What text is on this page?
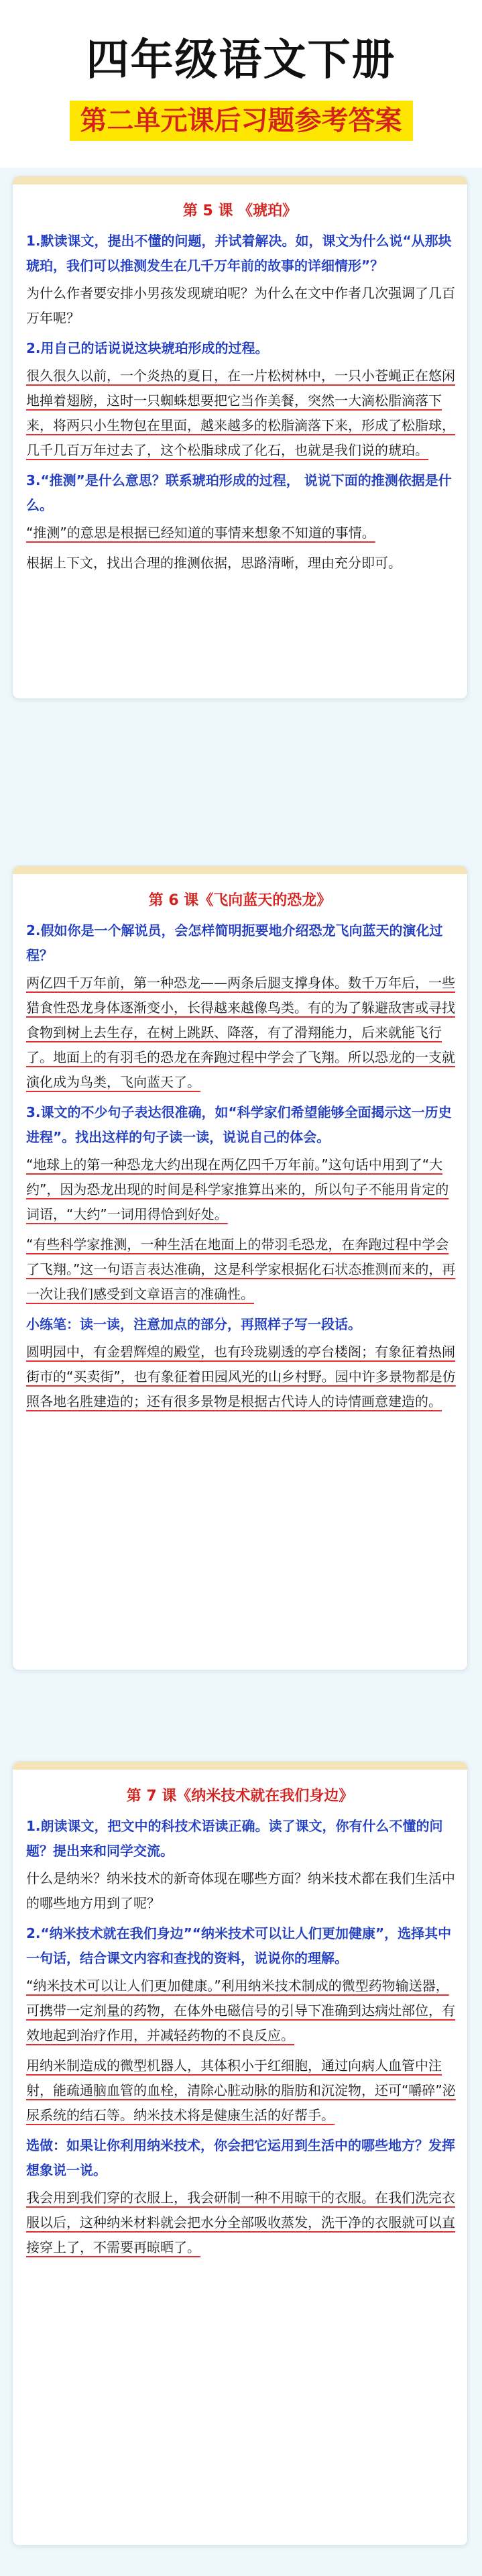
四年级语文下册
第二单元课后习题参考答案
第 5 课 《琥珀》

1.默读课文，提出不懂的问题，并试着解决。如，课文为什么说“从那块琥珀，我们可以推测发生在几千万年前的故事的详细情形”？

为什么作者要安排小男孩发现琥珀呢？为什么在文中作者几次强调了几百万年呢？

2.用自己的话说说这块琥珀形成的过程。

很久很久以前，一个炎热的夏日，在一片松树林中，一只小苍蝇正在悠闲地掸着翅膀，这时一只蜘蛛想要把它当作美餐，突然一大滴松脂滴落下来，将两只小生物包在里面，越来越多的松脂滴落下来，形成了松脂球，几千几百万年过去了，这个松脂球成了化石，也就是我们说的琥珀。

3.“推测”是什么意思？联系琥珀形成的过程， 说说下面的推测依据是什么。

“推测”的意思是根据已经知道的事情来想象不知道的事情。

根据上下文，找出合理的推测依据，思路清晰，理由充分即可。

第 6 课《飞向蓝天的恐龙》

2.假如你是一个解说员，会怎样简明扼要地介绍恐龙飞向蓝天的演化过程？

两亿四千万年前，第一种恐龙——两条后腿支撑身体。数千万年后，一些猎食性恐龙身体逐渐变小，长得越来越像鸟类。有的为了躲避敌害或寻找食物到树上去生存，在树上跳跃、降落，有了滑翔能力，后来就能飞行了。地面上的有羽毛的恐龙在奔跑过程中学会了飞翔。所以恐龙的一支就演化成为鸟类，飞向蓝天了。

3.课文的不少句子表达很准确，如“科学家们希望能够全面揭示这一历史进程”。找出这样的句子读一读，说说自己的体会。

“地球上的第一种恐龙大约出现在两亿四千万年前。”这句话中用到了“大约”，因为恐龙出现的时间是科学家推算出来的，所以句子不能用肯定的词语，“大约”一词用得恰到好处。

“有些科学家推测，一种生活在地面上的带羽毛恐龙，在奔跑过程中学会了飞翔。”这一句语言表达准确，这是科学家根据化石状态推测而来的，再一次让我们感受到文章语言的准确性。

小练笔：读一读，注意加点的部分，再照样子写一段话。

圆明园中，有金碧辉煌的殿堂，也有玲珑剔透的亭台楼阁；有象征着热闹街市的“买卖街”，也有象征着田园风光的山乡村野。园中许多景物都是仿照各地名胜建造的；还有很多景物是根据古代诗人的诗情画意建造的。

第 7 课《纳米技术就在我们身边》

1.朗读课文，把文中的科技术语读正确。读了课文，你有什么不懂的问题？提出来和同学交流。

什么是纳米？纳米技术的新奇体现在哪些方面？纳米技术都在我们生活中的哪些地方用到了呢？

2.“纳米技术就在我们身边”“纳米技术可以让人们更加健康”，选择其中一句话，结合课文内容和查找的资料，说说你的理解。

“纳米技术可以让人们更加健康。”利用纳米技术制成的微型药物输送器，可携带一定剂量的药物，在体外电磁信号的引导下准确到达病灶部位，有效地起到治疗作用，并减轻药物的不良反应。

用纳米制造成的微型机器人，其体积小于红细胞，通过向病人血管中注射，能疏通脑血管的血栓，清除心脏动脉的脂肪和沉淀物，还可“嚼碎”泌尿系统的结石等。纳米技术将是健康生活的好帮手。

选做：如果让你利用纳米技术，你会把它运用到生活中的哪些地方？发挥想象说一说。

我会用到我们穿的衣服上，我会研制一种不用晾干的衣服。在我们洗完衣服以后，这种纳米材料就会把水分全部吸收蒸发，洗干净的衣服就可以直接穿上了，不需要再晾晒了。
